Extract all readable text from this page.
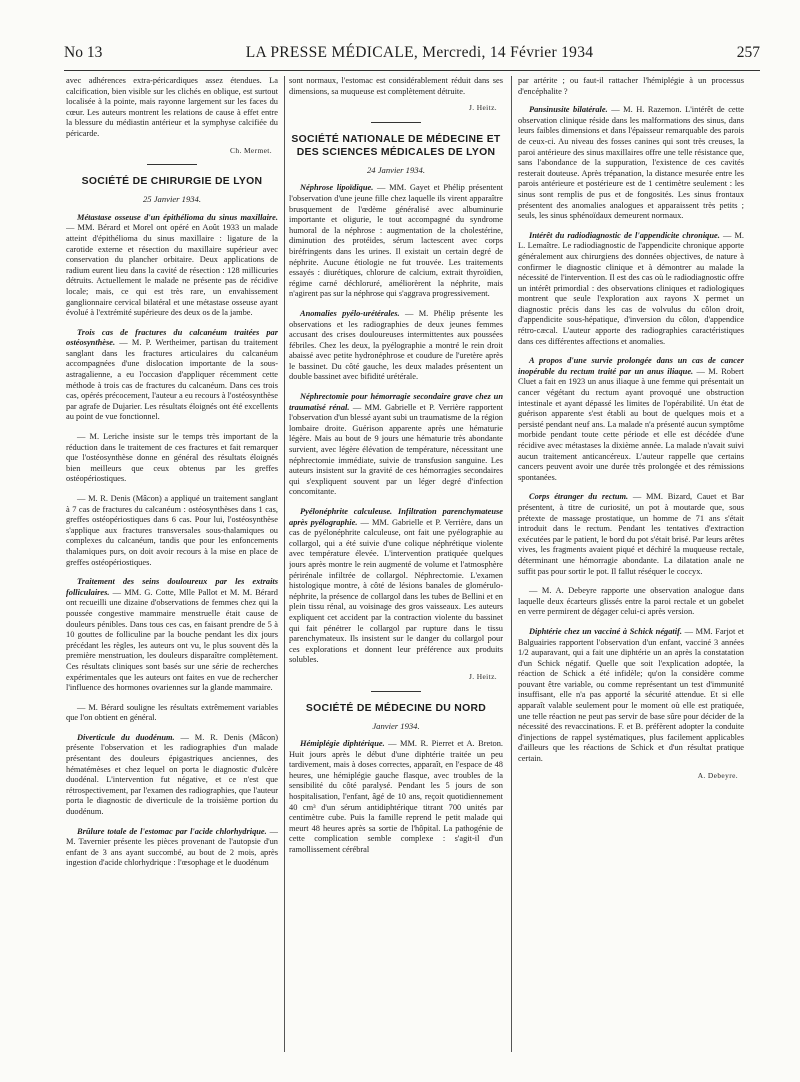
No 13	LA PRESSE MÉDICALE, Mercredi, 14 Février 1934	257

avec adhérences extra-péricardiques assez étendues. La calcification, bien visible sur les clichés en oblique, est surtout localisée à la pointe, mais rayonne largement sur les faces du cœur. Les auteurs montrent les relations de cause à effet entre la blessure du médiastin antérieur et la symphyse calcifiée du péricarde.

Ch. Mermet.
SOCIÉTÉ DE CHIRURGIE DE LYON
25 Janvier 1934.

Métastase osseuse d'un épithélioma du sinus maxillaire. — MM. Bérard et Morel ont opéré en Août 1933 un malade atteint d'épithélioma du sinus maxillaire : ligature de la carotide externe et résection du maxillaire supérieur avec conservation du plancher orbitaire. Deux applications de radium eurent lieu dans la cavité de résection : 128 millicuries détruits. Actuellement le malade ne présente pas de récidive locale; mais, ce qui est très rare, un envahissement ganglionnaire cervical bilatéral et une métastase osseuse ayant évolué à l'extrémité supérieure des deux os de la jambe.

Trois cas de fractures du calcanéum traitées par ostéosynthèse. — M. P. Wertheimer, partisan du traitement sanglant dans les fractures articulaires du calcanéum accompagnées d'une dislocation importante de la sous-astragalienne, a eu l'occasion d'appliquer récemment cette méthode à trois cas de fractures du calcanéum. Dans ces trois cas, opérés précocement, l'auteur a eu recours à l'ostéosynthèse par agrafe de Dujarier. Les résultats éloignés ont été excellents au point de vue fonctionnel.

— M. Leriche insiste sur le temps très important de la réduction dans le traitement de ces fractures et fait remarquer que l'ostéosynthèse donne en général des résultats éloignés bien meilleurs que ceux obtenus par les greffes ostéopériostiques.

— M. R. Denis (Mâcon) a appliqué un traitement sanglant à 7 cas de fractures du calcanéum : ostéosynthèses dans 1 cas, greffes ostéopériostiques dans 6 cas. Pour lui, l'ostéosynthèse s'applique aux fractures transversales sous-thalamiques ou complexes du calcanéum, tandis que pour les enfoncements thalamiques purs, on doit avoir recours à la mise en place de greffes ostéopériostiques.

Traitement des seins douloureux par les extraits folliculaires. — MM. G. Cotte, Mlle Pallot et M. M. Bérard ont recueilli une dizaine d'observations de femmes chez qui la poussée congestive mammaire menstruelle était cause de douleurs pénibles. Dans tous ces cas, en faisant prendre de 5 à 10 gouttes de folliculine par la bouche pendant les dix jours précédant les règles, les auteurs ont vu, le plus souvent dès la première menstruation, les douleurs disparaître complètement. Ces résultats cliniques sont basés sur une série de recherches expérimentales que les auteurs ont faites en vue de rechercher l'influence des hormones ovariennes sur la glande mammaire.

— M. Bérard souligne les résultats extrêmement variables que l'on obtient en général.

Diverticule du duodénum. — M. R. Denis (Mâcon) présente l'observation et les radiographies d'un malade présentant des douleurs épigastriques anciennes, des hématémèses et chez lequel on porta le diagnostic d'ulcère duodénal. L'intervention fut négative, et ce n'est que rétrospectivement, par l'examen des radiographies, que l'auteur porta le diagnostic de diverticule de la troisième portion du duodénum.

Brûlure totale de l'estomac par l'acide chlorhydrique. — M. Tavernier présente les pièces provenant de l'autopsie d'un enfant de 3 ans ayant succombé, au bout de 2 mois, après ingestion d'acide chlorhydrique : l'œsophage et le duodénum

sont normaux, l'estomac est considérablement réduit dans ses dimensions, sa muqueuse est complètement détruite.

J. Heitz.
SOCIÉTÉ NATIONALE DE MÉDECINE ET DES SCIENCES MÉDICALES DE LYON
24 Janvier 1934.

Néphrose lipoïdique. — MM. Gayet et Phélip présentent l'observation d'une jeune fille chez laquelle ils virent apparaître brusquement de l'œdème généralisé avec albuminurie importante et oligurie, le tout accompagné du syndrome humoral de la néphrose : augmentation de la cholestérine, diminution des protéides, sérum lactescent avec corps biréfringents dans les urines. Il existait un certain degré de néphrite. Aucune étiologie ne fut trouvée. Les traitements essayés : diurétiques, chlorure de calcium, extrait thyroïdien, régime carné déchloruré, améliorèrent la néphrite, mais n'agirent pas sur la néphrose qui s'aggrava progressivement.

Anomalies pyélo-urétérales. — M. Phélip présente les observations et les radiographies de deux jeunes femmes accusant des crises douloureuses intermittentes aux poussées fébriles. Chez les deux, la pyélographie a montré le rein droit abaissé avec petite hydronéphrose et coudure de l'uretère après le bassinet. Du côté gauche, les deux malades présentent un double bassinet avec bifidité urétérale.

Néphrectomie pour hémorragie secondaire grave chez un traumatisé rénal. — MM. Gabrielle et P. Verrière rapportent l'observation d'un blessé ayant subi un traumatisme de la région lombaire droite. Guérison apparente après une hématurie légère. Mais au bout de 9 jours une hématurie très abondante survient, avec légère élévation de température, nécessitant une néphrectomie immédiate, suivie de transfusion sanguine. Les auteurs insistent sur la gravité de ces hémorragies secondaires qui s'expliquent souvent par un léger degré d'infection concomitante.

Pyélonéphrite calculeuse. Infiltration parenchymateuse après pyélographie. — MM. Gabrielle et P. Verrière, dans un cas de pyélonéphrite calculeuse, ont fait une pyélographie au collargol, qui a été suivie d'une colique néphrétique violente avec température élevée. L'intervention pratiquée quelques jours après montre le rein augmenté de volume et l'atmosphère périrénale infiltrée de collargol. Néphrectomie. L'examen histologique montre, à côté de lésions banales de glomérulo-néphrite, la présence de collargol dans les tubes de Bellini et en plein tissu rénal, au voisinage des gros vaisseaux. Les auteurs expliquent cet accident par la contraction violente du bassinet qui fait pénétrer le collargol par rupture dans le tissu parenchymateux. Ils insistent sur le danger du collargol pour ces explorations et donnent leur préférence aux produits solubles.

J. Heitz.
SOCIÉTÉ DE MÉDECINE DU NORD
Janvier 1934.

Hémiplégie diphtérique. — MM. R. Pierret et A. Breton. Huit jours après le début d'une diphtérie traitée un peu tardivement, mais à doses correctes, apparaît, en l'espace de 48 heures, une hémiplégie gauche flasque, avec troubles de la sensibilité du côté paralysé. Pendant les 5 jours de son hospitalisation, l'enfant, âgé de 10 ans, reçoit quotidiennement 40 cm³ d'un sérum antidiphtérique titrant 700 unités par centimètre cube. Puis la famille reprend le petit malade qui meurt 48 heures après sa sortie de l'hôpital. La pathogénie de cette complication semble complexe : s'agit-il d'un ramollissement cérébral

par artérite ; ou faut-il rattacher l'hémiplégie à un processus d'encéphalite ?

Pansinusite bilatérale. — M. H. Razemon. L'intérêt de cette observation clinique réside dans les malformations des sinus, dans leurs faibles dimensions et dans l'épaisseur remarquable des parois de ceux-ci. Au niveau des fosses canines qui sont très creuses, la paroi antérieure des sinus maxillaires offre une telle résistance que, sans l'abondance de la suppuration, l'existence de ces cavités resterait douteuse. Après trépanation, la distance mesurée entre les parois antérieure et postérieure est de 1 centimètre seulement : les sinus sont remplis de pus et de fongosités. Les sinus frontaux présentent des anomalies analogues et apparaissent très petits ; seuls, les sinus sphénoïdaux demeurent normaux.

Intérêt du radiodiagnostic de l'appendicite chronique. — M. L. Lemaître. Le radiodiagnostic de l'appendicite chronique apporte généralement aux chirurgiens des données objectives, de nature à confirmer le diagnostic clinique et à démontrer au malade la nécessité de l'intervention. Il est des cas où le radiodiagnostic offre un intérêt primordial : des observations cliniques et radiologiques montrent que seule l'exploration aux rayons X permet un diagnostic précis dans les cas de volvulus du côlon droit, d'appendicite sous-hépatique, d'inversion du côlon, d'appendice rétro-cæcal. L'auteur apporte des radiographies caractéristiques dans ces différentes affections et anomalies.

A propos d'une survie prolongée dans un cas de cancer inopérable du rectum traité par un anus iliaque. — M. Robert Cluet a fait en 1923 un anus iliaque à une femme qui présentait un cancer végétant du rectum ayant provoqué une obstruction intestinale et ayant dépassé les limites de l'opérabilité. Un état de guérison apparente s'est établi au bout de quelques mois et a persisté pendant neuf ans. La malade n'a présenté aucun symptôme morbide pendant toute cette période et elle est décédée d'une récidive avec métastases la dixième année. La malade n'avait suivi aucun traitement anticancéreux. L'auteur rappelle que certains cancers peuvent avoir une durée très prolongée et des rémissions spontanées.

Corps étranger du rectum. — MM. Bizard, Cauet et Bar présentent, à titre de curiosité, un pot à moutarde que, sous prétexte de massage prostatique, un homme de 71 ans s'était introduit dans le rectum. Pendant les tentatives d'extraction exécutées par le patient, le bord du pot s'était brisé. Par leurs arêtes vives, les fragments avaient piqué et déchiré la muqueuse rectale, déterminant une hémorragie abondante. La dilatation anale ne suffit pas pour sortir le pot. Il fallut réséquer le coccyx.

— M. A. Debeyre rapporte une observation analogue dans laquelle deux écarteurs glissés entre la paroi rectale et un gobelet en verre permirent de dégager celui-ci après version.

Diphtérie chez un vacciné à Schick négatif. — MM. Farjot et Balguairies rapportent l'observation d'un enfant, vacciné 3 années 1/2 auparavant, qui a fait une diphtérie un an après la constatation d'un Schick négatif. Quelle que soit l'explication adoptée, la réaction de Schick a été infidèle; qu'on la considère comme pouvant être variable, ou comme représentant un test d'immunité insuffisant, elle n'a pas apporté la sécurité attendue. Et si elle apparaît valable seulement pour le moment où elle est pratiquée, une telle réaction ne peut pas servir de base sûre pour décider de la nécessité des revaccinations. F. et B. préfèrent adopter la conduite d'injections de rappel systématiques, plus facilement applicables d'ailleurs que les réactions de Schick et d'un résultat pratique certain.

A. Debeyre.
